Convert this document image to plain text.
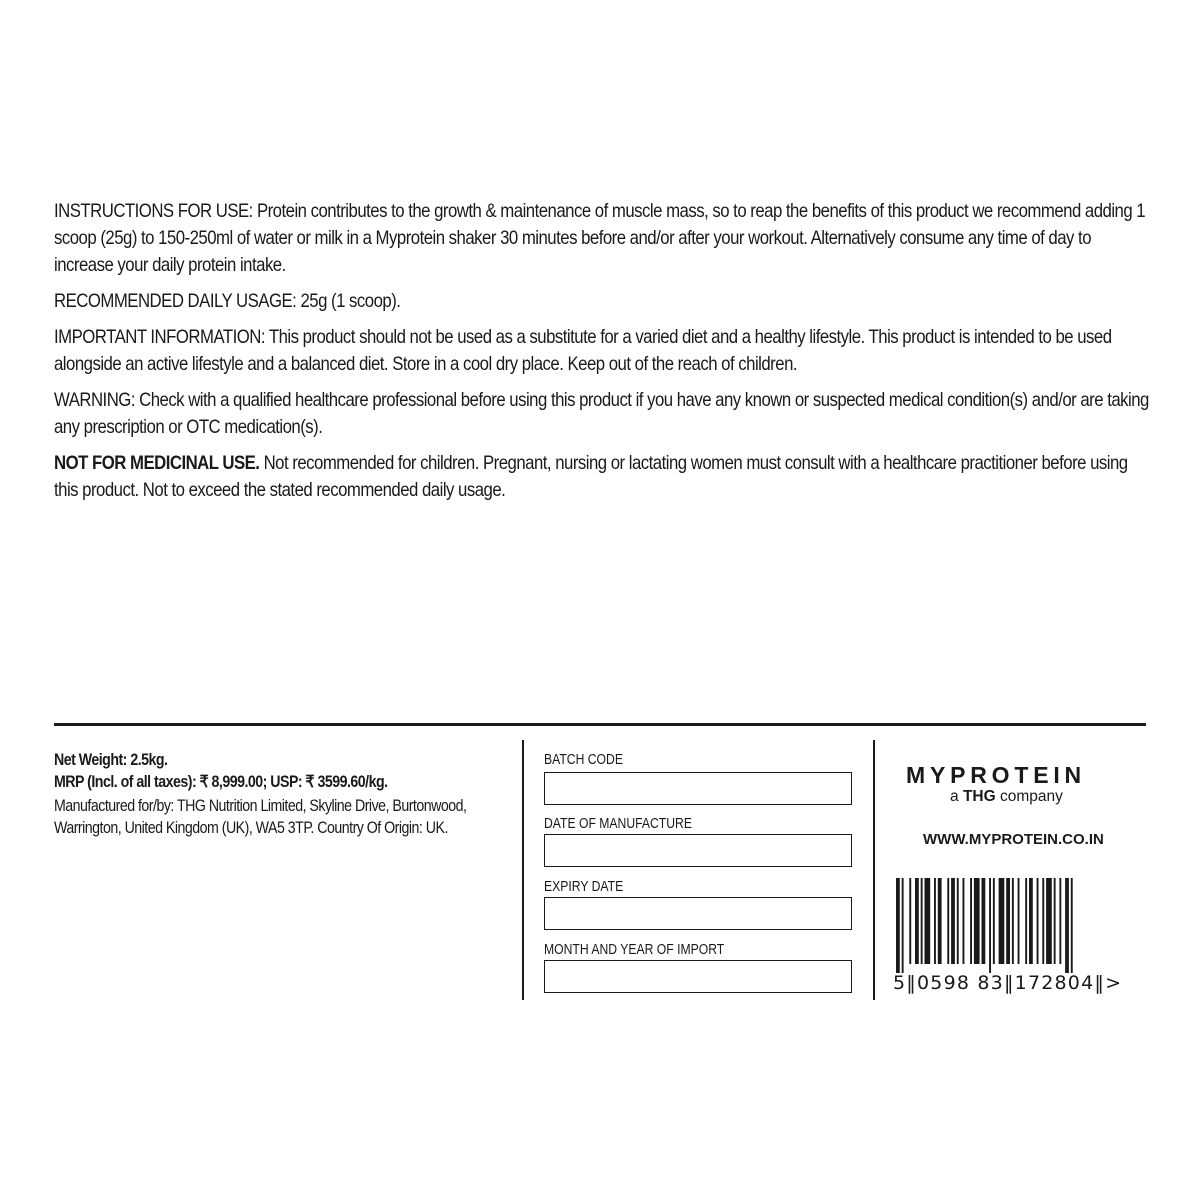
INSTRUCTIONS FOR USE: Protein contributes to the growth & maintenance of muscle mass, so to reap the benefits of this product we recommend adding 1 scoop (25g) to 150-250ml of water or milk in a Myprotein shaker 30 minutes before and/or after your workout. Alternatively consume any time of day to increase your daily protein intake.

RECOMMENDED DAILY USAGE: 25g (1 scoop).

IMPORTANT INFORMATION: This product should not be used as a substitute for a varied diet and a healthy lifestyle. This product is intended to be used alongside an active lifestyle and a balanced diet. Store in a cool dry place. Keep out of the reach of children.

WARNING: Check with a qualified healthcare professional before using this product if you have any known or suspected medical condition(s) and/or are taking any prescription or OTC medication(s).

NOT FOR MEDICINAL USE. Not recommended for children. Pregnant, nursing or lactating women must consult with a healthcare practitioner before using this product. Not to exceed the stated recommended daily usage.

Net Weight: 2.5kg.
MRP (Incl. of all taxes): ₹ 8,999.00; USP: ₹ 3599.60/kg.
Manufactured for/by: THG Nutrition Limited, Skyline Drive, Burtonwood, Warrington, United Kingdom (UK), WA5 3TP. Country Of Origin: UK.
BATCH CODE
DATE OF MANUFACTURE
EXPIRY DATE
MONTH AND YEAR OF IMPORT
MYPROTEIN
a THG company
WWW.MYPROTEIN.CO.IN
5‖0598 83‖172804‖>
